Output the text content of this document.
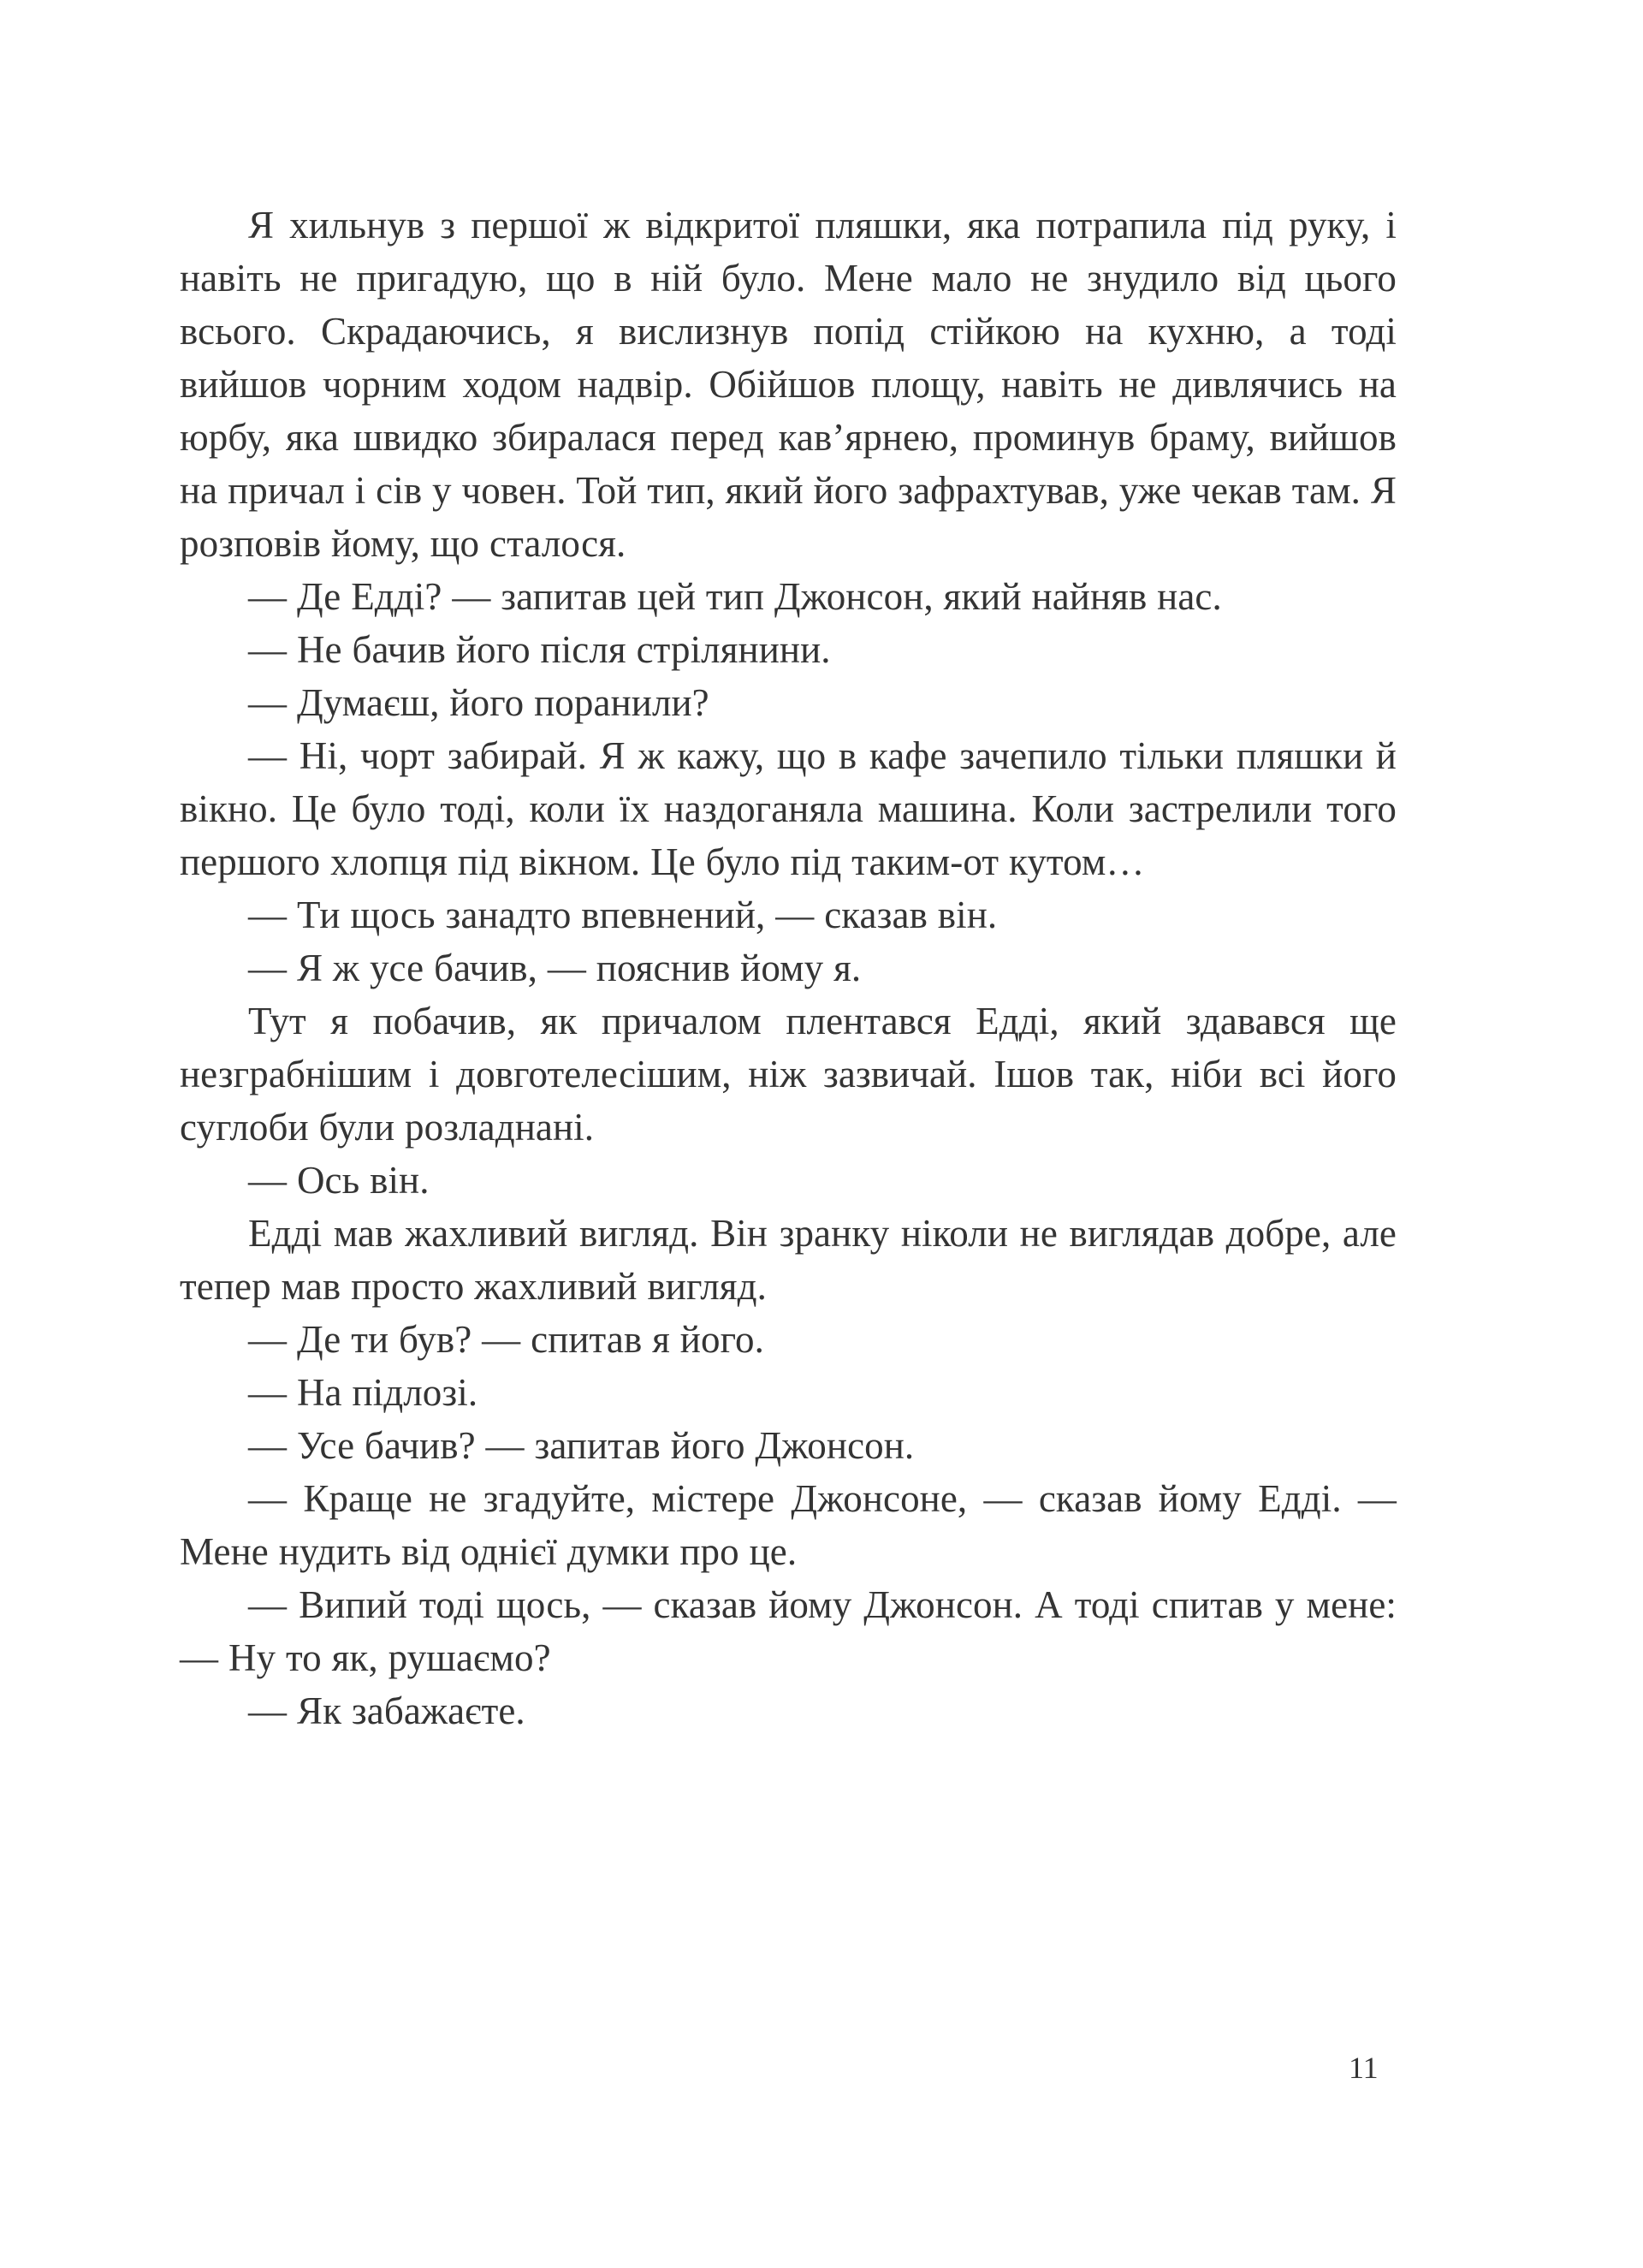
Я хильнув з першої ж відкритої пляшки, яка потрапила під руку, і навіть не пригадую, що в ній було. Мене мало не знудило від цього всього. Скрадаючись, я вислизнув попід стійкою на кухню, а тоді вийшов чорним ходом надвір. Обійшов площу, навіть не дивлячись на юрбу, яка швидко збиралася перед кав’ярнею, проминув браму, вийшов на причал і сів у човен. Той тип, який його зафрахтував, уже чекав там. Я розповів йому, що сталося.

— Де Едді? — запитав цей тип Джонсон, який найняв нас.

— Не бачив його після стрілянини.

— Думаєш, його поранили?

— Ні, чорт забирай. Я ж кажу, що в кафе зачепило тільки пляшки й вікно. Це було тоді, коли їх наздоганяла машина. Коли застрелили того першого хлопця під вікном. Це було під таким-от кутом…

— Ти щось занадто впевнений, — сказав він.

— Я ж усе бачив, — пояснив йому я.

Тут я побачив, як причалом плентався Едді, який здавався ще незграбнішим і довготелесішим, ніж зазвичай. Ішов так, ніби всі його суглоби були розладнані.

— Ось він.

Едді мав жахливий вигляд. Він зранку ніколи не виглядав добре, але тепер мав просто жахливий вигляд.

— Де ти був? — спитав я його.

— На підлозі.

— Усе бачив? — запитав його Джонсон.

— Краще не згадуйте, містере Джонсоне, — сказав йому Едді. — Мене нудить від однієї думки про це.

— Випий тоді щось, — сказав йому Джонсон. А тоді спитав у мене: — Ну то як, рушаємо?

— Як забажаєте.

11
